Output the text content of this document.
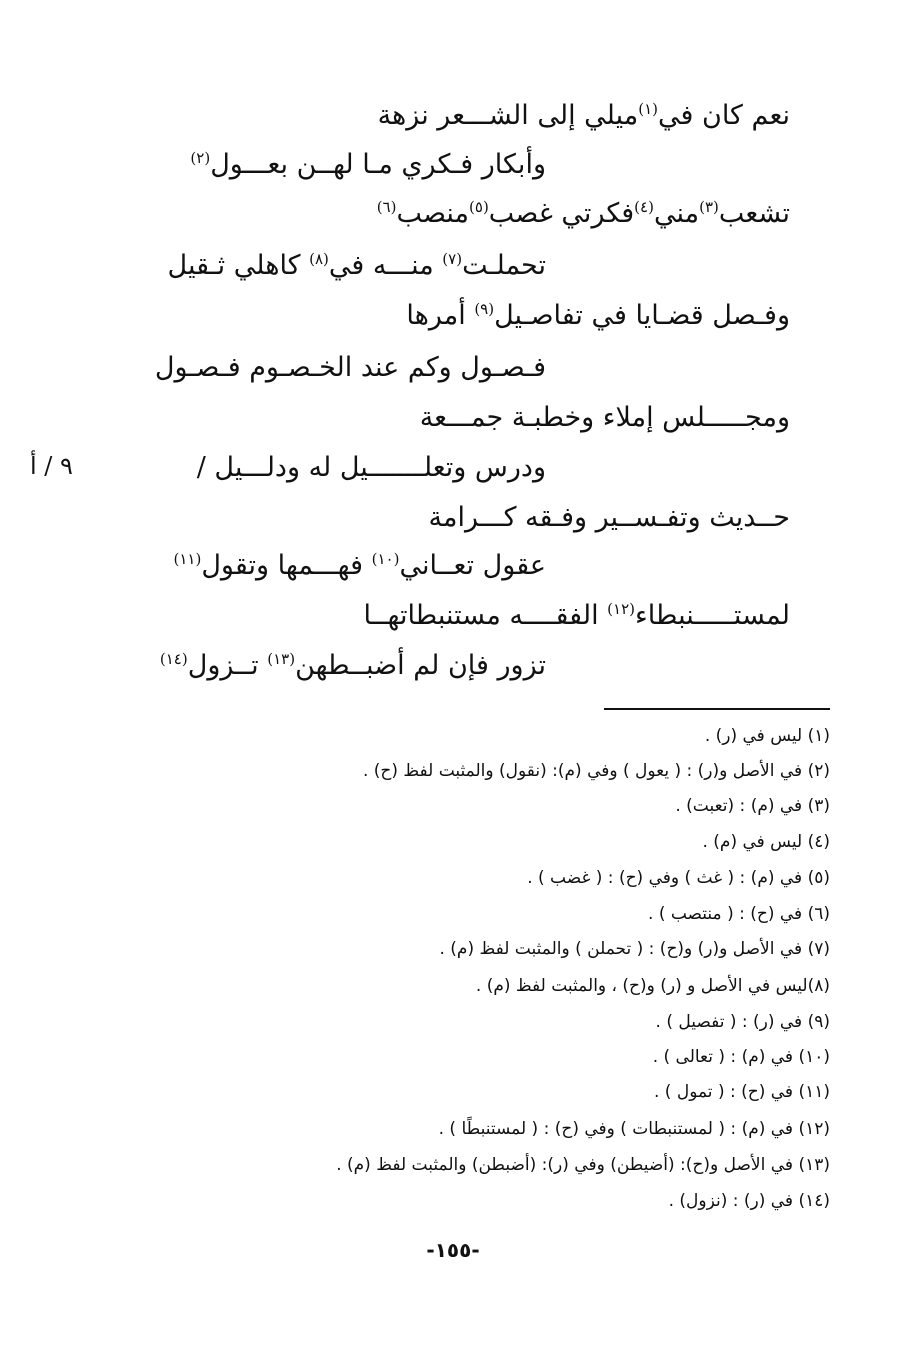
نعم كان في$^{(١)}$ميلي إلى الشـــعر نزهة
وأبكار فـكري مـا لهــن بعـــول$^{(٢)}$
تشعب$^{(٣)}$مني$^{(٤)}$فكرتي غصب$^{(٥)}$منصب$^{(٦)}$
تحملـت$^{(٧)}$ منـــه في$^{(٨)}$ كاهلي ثـقيل
وفـصل قضـايا في تفاصـيل$^{(٩)}$ أمرها
فـصـول وكم عند الخـصـوم فـصـول
ومجـــــلس إملاء وخطبـة جمـــعة
ودرس وتعلـــــــيل له ودلـــيل /
حــديث وتفـســير وفـقه كـــرامة
عقول تعــاني$^{(١٠)}$ فهـــمها وتقول$^{(١١)}$
لمستـــــنبطاء$^{(١٢)}$ الفقــــه مستنبطاتهــا
تزور فإن لم أضبــطهن$^{(١٣)}$ تــزول$^{(١٤)}$
٩ / أ
(١) ليس في (ر) .
(٢) في الأصل و(ر) : ( يعول ) وفي (م): (نقول) والمثبت لفظ (ح) .
(٣) في (م) : (تعبت) .
(٤) ليس في (م) .
(٥) في (م) : ( غث ) وفي (ح) : ( غضب ) .
(٦) في (ح) : ( منتصب ) .
(٧) في الأصل و(ر) و(ح) : ( تحملن ) والمثبت لفظ (م) .
(٨)ليس في الأصل و (ر) و(ح) ، والمثبت لفظ (م) .
(٩) في (ر) : ( تفصيل ) .
(١٠) في (م) : ( تعالى ) .
(١١) في (ح) : ( تمول ) .
(١٢) في (م) : ( لمستنبطات ) وفي (ح) : ( لمستنبطًا ) .
(١٣) في الأصل و(ح): (أضيطن) وفي (ر): (أضبطن) والمثبت لفظ (م) .
(١٤) في (ر) : (نزول) .
-١٥٥-
